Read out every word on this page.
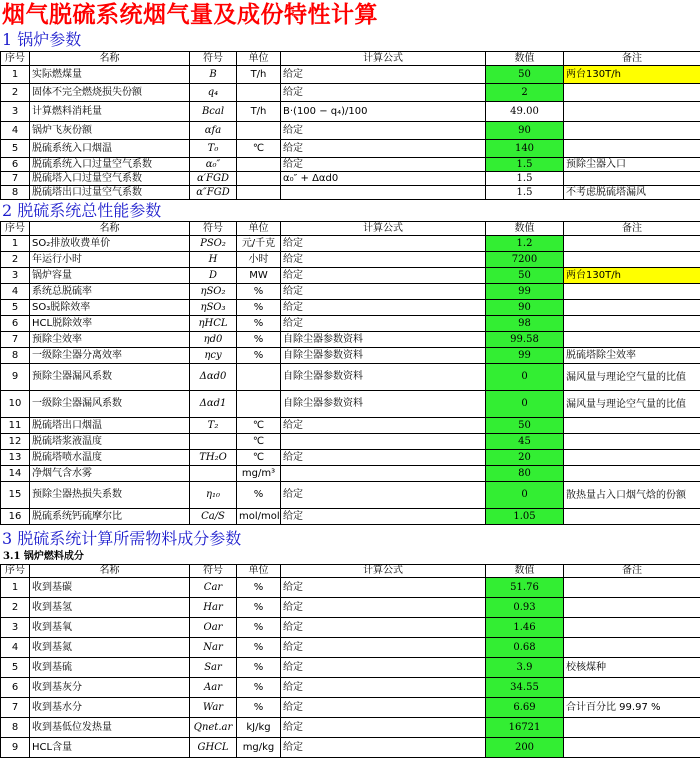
烟气脱硫系统烟气量及成份特性计算
1 锅炉参数
序号	名称	符号	单位	计算公式	数值	备注
1	实际燃煤量	B	T/h	给定	50	两台130T/h
2	固体不完全燃烧损失份额	q₄		给定	2	
3	计算燃料消耗量	Bcal	T/h	B·(100 − q₄)/100	49.00	
4	锅炉飞灰份额	αfa		给定	90	
5	脱硫系统入口烟温	T₀	℃	给定	140	
6	脱硫系统入口过量空气系数	α₀″		给定	1.5	预除尘器入口
7	脱硫塔入口过量空气系数	α′FGD		α₀″ + Δαd0	1.5	
8	脱硫塔出口过量空气系数	α″FGD			1.5	不考虑脱硫塔漏风
2 脱硫系统总性能参数
序号	名称	符号	单位	计算公式	数值	备注
1	SO₂排放收费单价	PSO₂	元/千克	给定	1.2	
2	年运行小时	H	小时	给定	7200	
3	锅炉容量	D	MW	给定	50	两台130T/h
4	系统总脱硫率	ηSO₂	%	给定	99	
5	SO₃脱除效率	ηSO₃	%	给定	90	
6	HCL脱除效率	ηHCL	%	给定	98	
7	预除尘效率	ηd0	%	自除尘器参数资料	99.58	
8	一级除尘器分离效率	ηcy	%	自除尘器参数资料	99	脱硫塔除尘效率
9	预除尘器漏风系数	Δαd0		自除尘器参数资料	0	漏风量与理论空气量的比值
10	一级除尘器漏风系数	Δαd1		自除尘器参数资料	0	漏风量与理论空气量的比值
11	脱硫塔出口烟温	T₂	℃	给定	50	
12	脱硫塔浆液温度		℃		45	
13	脱硫塔喷水温度	TH₂O	℃	给定	20	
14	净烟气含水雾		mg/m³		80	
15	预除尘器热损失系数	η₁₀	%	给定	0	散热量占入口烟气焓的份额
16	脱硫系统钙硫摩尔比	Ca/S	mol/mol	给定	1.05	
3 脱硫系统计算所需物料成分参数
3.1 锅炉燃料成分
序号	名称	符号	单位	计算公式	数值	备注
1	收到基碳	Car	%	给定	51.76	
2	收到基氢	Har	%	给定	0.93	
3	收到基氧	Oar	%	给定	1.46	
4	收到基氮	Nar	%	给定	0.68	
5	收到基硫	Sar	%	给定	3.9	校核煤种
6	收到基灰分	Aar	%	给定	34.55	
7	收到基水分	War	%	给定	6.69	合计百分比 99.97 %
8	收到基低位发热量	Qnet.ar	kJ/kg	给定	16721	
9	HCL含量	GHCL	mg/kg	给定	200	
